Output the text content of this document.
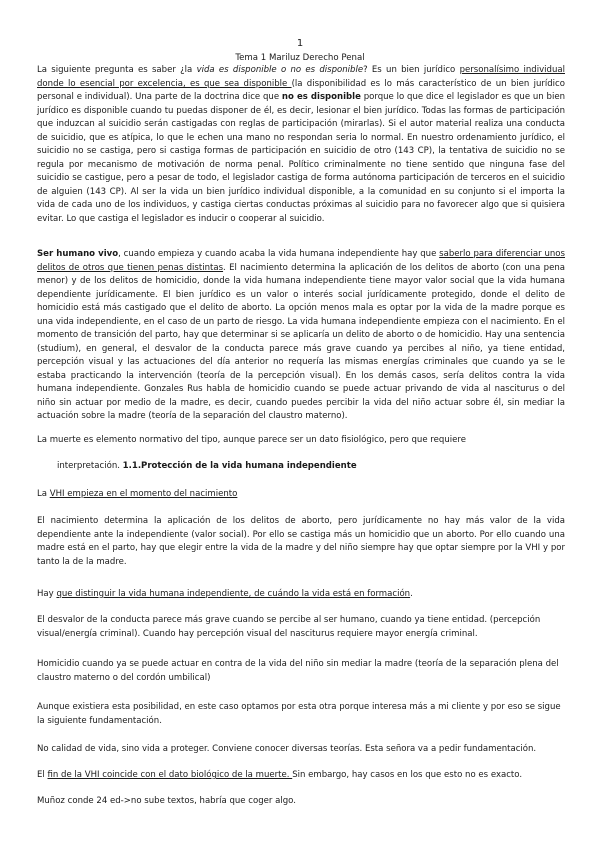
1
Tema 1 Mariluz Derecho Penal

La siguiente pregunta es saber ¿la vida es disponible o no es disponible? Es un bien jurídico personalísimo individual donde lo esencial por excelencia, es que sea disponible (la disponibilidad es lo más característico de un bien jurídico personal e individual). Una parte de la doctrina dice que no es disponible porque lo que dice el legislador es que un bien jurídico es disponible cuando tu puedas disponer de él, es decir, lesionar el bien jurídico. Todas las formas de participación que induzcan al suicidio serán castigadas con reglas de participación (mirarlas). Si el autor material realiza una conducta de suicidio, que es atípica, lo que le echen una mano no respondan seria lo normal. En nuestro ordenamiento jurídico, el suicidio no se castiga, pero si castiga formas de participación en suicidio de otro (143 CP), la tentativa de suicidio no se regula por mecanismo de motivación de norma penal. Político criminalmente no tiene sentido que ninguna fase del suicidio se castigue, pero a pesar de todo, el legislador castiga de forma autónoma participación de terceros en el suicidio de alguien (143 CP). Al ser la vida un bien jurídico individual disponible, a la comunidad en su conjunto si el importa la vida de cada uno de los individuos, y castiga ciertas conductas próximas al suicidio para no favorecer algo que si quisiera evitar. Lo que castiga el legislador es inducir o cooperar al suicidio.

Ser humano vivo, cuando empieza y cuando acaba la vida humana independiente hay que saberlo para diferenciar unos delitos de otros que tienen penas distintas. El nacimiento determina la aplicación de los delitos de aborto (con una pena menor) y de los delitos de homicidio, donde la vida humana independiente tiene mayor valor social que la vida humana dependiente jurídicamente. El bien jurídico es un valor o interés social jurídicamente protegido, donde el delito de homicidio está más castigado que el delito de aborto. La opción menos mala es optar por la vida de la madre porque es una vida independiente, en el caso de un parto de riesgo. La vida humana independiente empieza con el nacimiento. En el momento de transición del parto, hay que determinar si se aplicaría un delito de aborto o de homicidio. Hay una sentencia (studium), en general, el desvalor de la conducta parece más grave cuando ya percibes al niño, ya tiene entidad, percepción visual y las actuaciones del día anterior no requería las mismas energías criminales que cuando ya se le estaba practicando la intervención (teoría de la percepción visual). En los demás casos, sería delitos contra la vida humana independiente. Gonzales Rus habla de homicidio cuando se puede actuar privando de vida al nasciturus o del niño sin actuar por medio de la madre, es decir, cuando puedes percibir la vida del niño actuar sobre él, sin mediar la actuación sobre la madre (teoría de la separación del claustro materno).

La muerte es elemento normativo del tipo, aunque parece ser un dato fisiológico, pero que requiere

interpretación. 1.1.Protección de la vida humana independiente

La VHI empieza en el momento del nacimiento

El nacimiento determina la aplicación de los delitos de aborto, pero jurídicamente no hay más valor de la vida dependiente ante la independiente (valor social). Por ello se castiga más un homicidio que un aborto. Por ello cuando una madre está en el parto, hay que elegir entre la vida de la madre y del niño siempre hay que optar siempre por la VHI y por tanto la de la madre.

Hay que distinguir la vida humana independiente, de cuándo la vida está en formación.

El desvalor de la conducta parece más grave cuando se percibe al ser humano, cuando ya tiene entidad. (percepción visual/energía criminal). Cuando hay percepción visual del nasciturus requiere mayor energía criminal.

Homicidio cuando ya se puede actuar en contra de la vida del niño sin mediar la madre (teoría de la separación plena del claustro materno o del cordón umbilical)

Aunque existiera esta posibilidad, en este caso optamos por esta otra porque interesa más a mi cliente y por eso se sigue la siguiente fundamentación.

No calidad de vida, sino vida a proteger. Conviene conocer diversas teorías. Esta señora va a pedir fundamentación.

El fin de la VHI coincide con el dato biológico de la muerte. Sin embargo, hay casos en los que esto no es exacto.

Muñoz conde 24 ed->no sube textos, habría que coger algo.
